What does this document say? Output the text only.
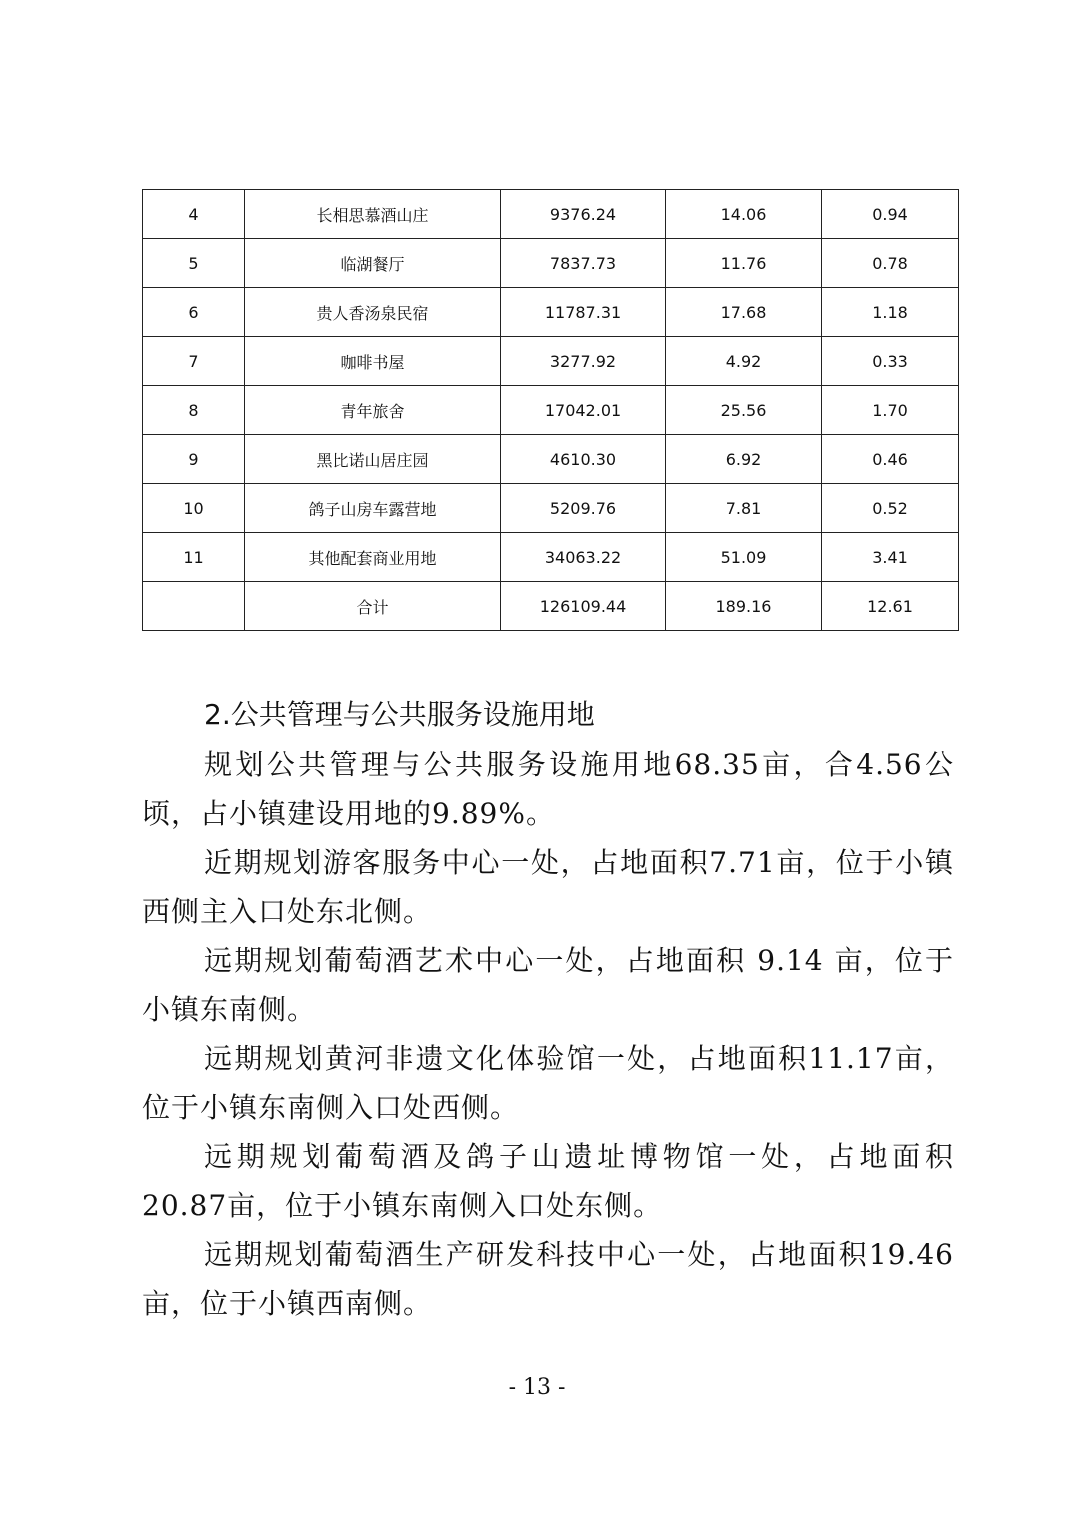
4	长相思慕酒山庄	9376.24	14.06	0.94
5	临湖餐厅	7837.73	11.76	0.78
6	贵人香汤泉民宿	11787.31	17.68	1.18
7	咖啡书屋	3277.92	4.92	0.33
8	青年旅舍	17042.01	25.56	1.70
9	黑比诺山居庄园	4610.30	6.92	0.46
10	鸽子山房车露营地	5209.76	7.81	0.52
11	其他配套商业用地	34063.22	51.09	3.41
	合计	126109.44	189.16	12.61
2.公共管理与公共服务设施用地

规划公共管理与公共服务设施用地68.35亩，合4.56公顷，占小镇建设用地的9.89%。

近期规划游客服务中心一处，占地面积7.71亩，位于小镇西侧主入口处东北侧。

远期规划葡萄酒艺术中心一处，占地面积 9.14 亩，位于小镇东南侧。

远期规划黄河非遗文化体验馆一处，占地面积11.17亩，位于小镇东南侧入口处西侧。

远期规划葡萄酒及鸽子山遗址博物馆一处，占地面积20.87亩，位于小镇东南侧入口处东侧。

远期规划葡萄酒生产研发科技中心一处，占地面积19.46 亩，位于小镇西南侧。

- 13 -
